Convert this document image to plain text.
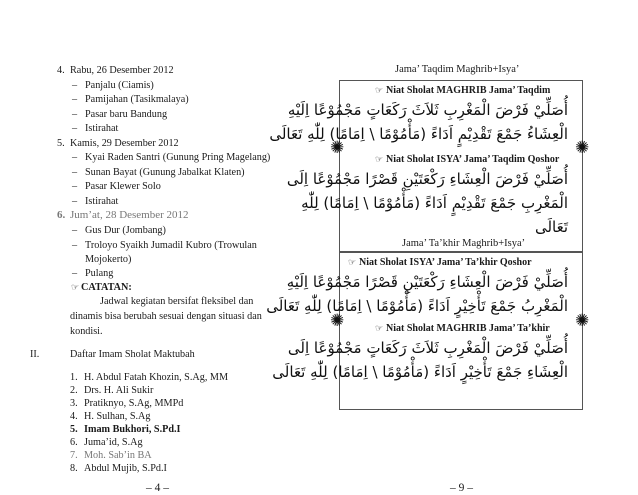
4. Rabu, 26 Desember 2012
– Panjalu (Ciamis)
– Pamijahan (Tasikmalaya)
– Pasar baru Bandung
– Istirahat
5. Kamis, 29 Desember 2012
– Kyai Raden Santri (Gunung Pring Magelang)
– Sunan Bayat (Gunung Jabalkat Klaten)
– Pasar Klewer Solo
– Istirahat
6. Jum’at, 28 Desember 2012
– Gus Dur (Jombang)
– Troloyo Syaikh Jumadil Kubro (Trowulan
Mojokerto)
– Pulang
☞ CATATAN:
Jadwal kegiatan bersifat fleksibel dan
dinamis bisa berubah sesuai dengan situasi dan
kondisi.
II.	Daftar Imam Sholat Maktubah
1. H. Abdul Fatah Khozin, S.Ag, MM
2. Drs. H. Ali Sukir
3. Pratiknyo, S.Ag, MMPd
4. H. Sulhan, S.Ag
5. Imam Bukhori, S.Pd.I
6. Juma’id, S.Ag
7. Moh. Sab’in BA
8. Abdul Mujib, S.Pd.I
– 4 –
Jama’ Taqdim Maghrib+Isya’
✺	✺
☞ Niat Sholat MAGHRIB Jama’ Taqdim
أُصَلِّيْ فَرْضَ الْمَغْرِبِ ثَلاَثَ رَكَعَاتٍ مَجْمُوْعًا اِلَيْهِ
الْعِشَاءُ جَمْعَ تَقْدِيْمٍ اَدَاءً (مَأْمُوْمًا \ اِمَامًا) لِلّٰهِ تَعَالَى
☞ Niat Sholat ISYA’ Jama’ Taqdim Qoshor
أُصَلِّيْ فَرْضَ الْعِشَاءِ رَكْعَتَيْنِ قَصْرًا مَجْمُوْعًا اِلَى
الْمَغْرِبِ جَمْعَ تَقْدِيْمٍ اَدَاءً (مَأْمُوْمًا \ اِمَامًا) لِلّٰهِ
تَعَالَى
Jama’ Ta’khir Maghrib+Isya’
✺	✺
☞ Niat Sholat ISYA’ Jama’ Ta’khir Qoshor
أُصَلِّيْ فَرْضَ الْعِشَاءِ رَكْعَتَيْنِ قَصْرًا مَجْمُوْعًا اِلَيْهِ
الْمَغْرِبُ جَمْعَ تَأْخِيْرٍ اَدَاءً (مَأْمُوْمًا \ اِمَامًا) لِلّٰهِ تَعَالَى
☞ Niat Sholat MAGHRIB Jama’ Ta’khir
أُصَلِّيْ فَرْضَ الْمَغْرِبِ ثَلاَثَ رَكَعَاتٍ مَجْمُوْعًا اِلَى
الْعِشَاءِ جَمْعَ تَأْخِيْرٍ اَدَاءً (مَأْمُوْمًا \ اِمَامًا) لِلّٰهِ تَعَالَى
– 9 –
